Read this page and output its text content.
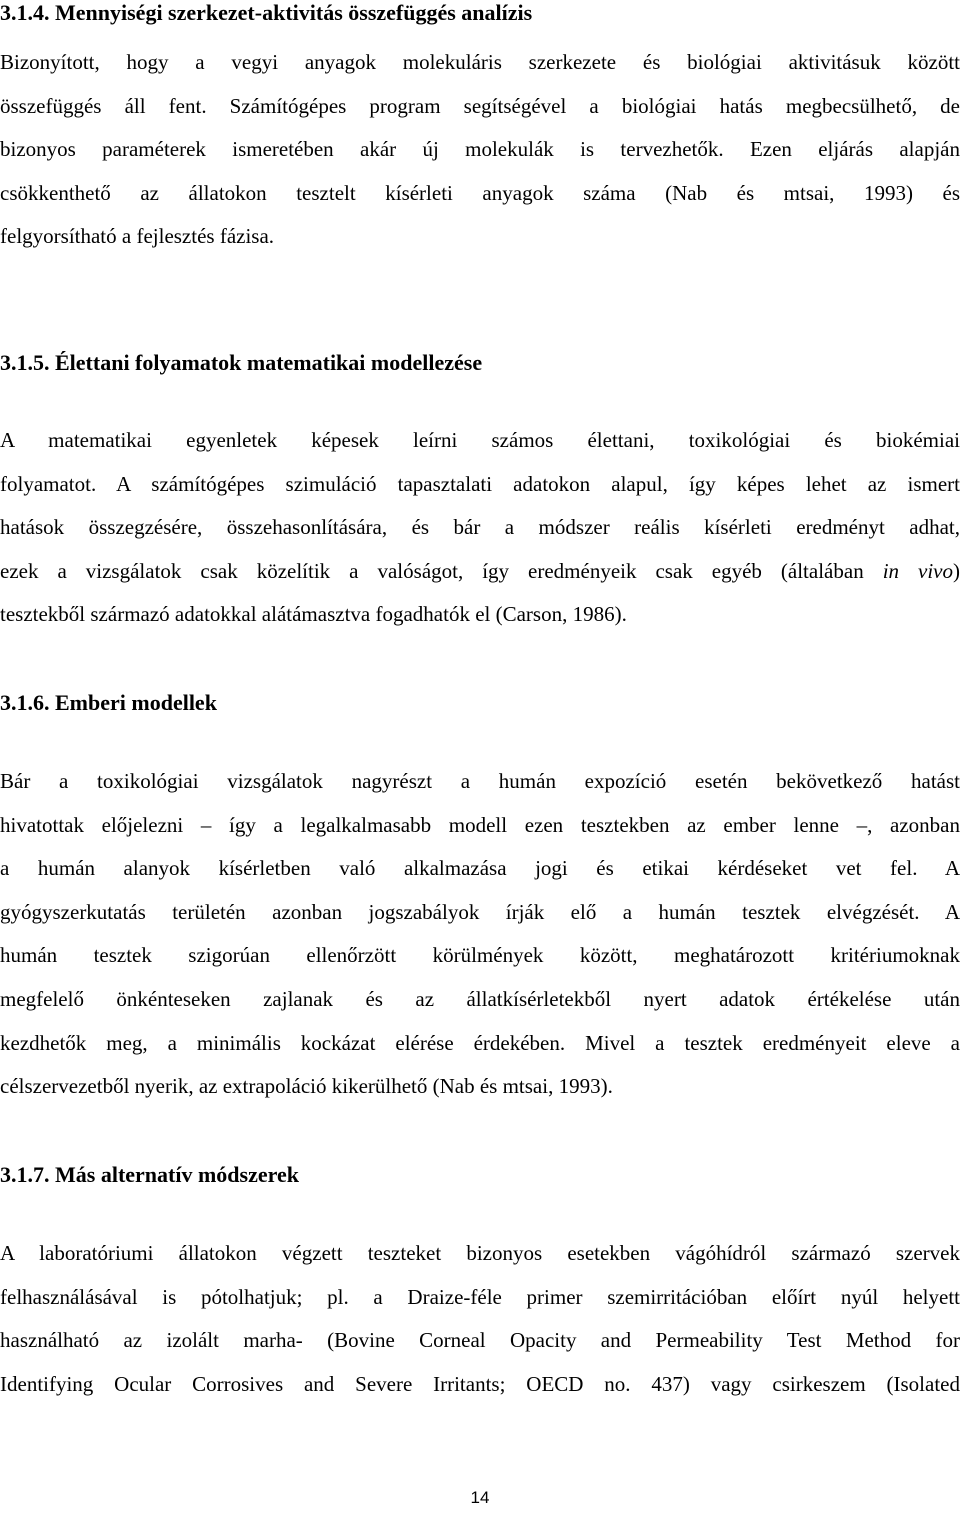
3.1.4. Mennyiségi szerkezet-aktivitás összefüggés analízis
Bizonyított, hogy a vegyi anyagok molekuláris szerkezete és biológiai aktivitásuk között
összefüggés áll fent. Számítógépes program segítségével a biológiai hatás megbecsülhető, de
bizonyos paraméterek ismeretében akár új molekulák is tervezhetők. Ezen eljárás alapján
csökkenthető az állatokon tesztelt kísérleti anyagok száma (Nab és mtsai, 1993) és
felgyorsítható a fejlesztés fázisa.
3.1.5. Élettani folyamatok matematikai modellezése
A matematikai egyenletek képesek leírni számos élettani, toxikológiai és biokémiai
folyamatot. A számítógépes szimuláció tapasztalati adatokon alapul, így képes lehet az ismert
hatások összegzésére, összehasonlítására, és bár a módszer reális kísérleti eredményt adhat,
ezek a vizsgálatok csak közelítik a valóságot, így eredményeik csak egyéb (általában in vivo)
tesztekből származó adatokkal alátámasztva fogadhatók el (Carson, 1986).
3.1.6. Emberi modellek
Bár a toxikológiai vizsgálatok nagyrészt a humán expozíció esetén bekövetkező hatást
hivatottak előjelezni – így a legalkalmasabb modell ezen tesztekben az ember lenne –, azonban
a humán alanyok kísérletben való alkalmazása jogi és etikai kérdéseket vet fel. A
gyógyszerkutatás területén azonban jogszabályok írják elő a humán tesztek elvégzését. A
humán tesztek szigorúan ellenőrzött körülmények között, meghatározott kritériumoknak
megfelelő önkénteseken zajlanak és az állatkísérletekből nyert adatok értékelése után
kezdhetők meg, a minimális kockázat elérése érdekében. Mivel a tesztek eredményeit eleve a
célszervezetből nyerik, az extrapoláció kikerülhető (Nab és mtsai, 1993).
3.1.7. Más alternatív módszerek
A laboratóriumi állatokon végzett teszteket bizonyos esetekben vágóhídról származó szervek
felhasználásával is pótolhatjuk; pl. a Draize-féle primer szemirritációban előírt nyúl helyett
használható az izolált marha- (Bovine Corneal Opacity and Permeability Test Method for
Identifying Ocular Corrosives and Severe Irritants; OECD no. 437) vagy csirkeszem (Isolated
14
